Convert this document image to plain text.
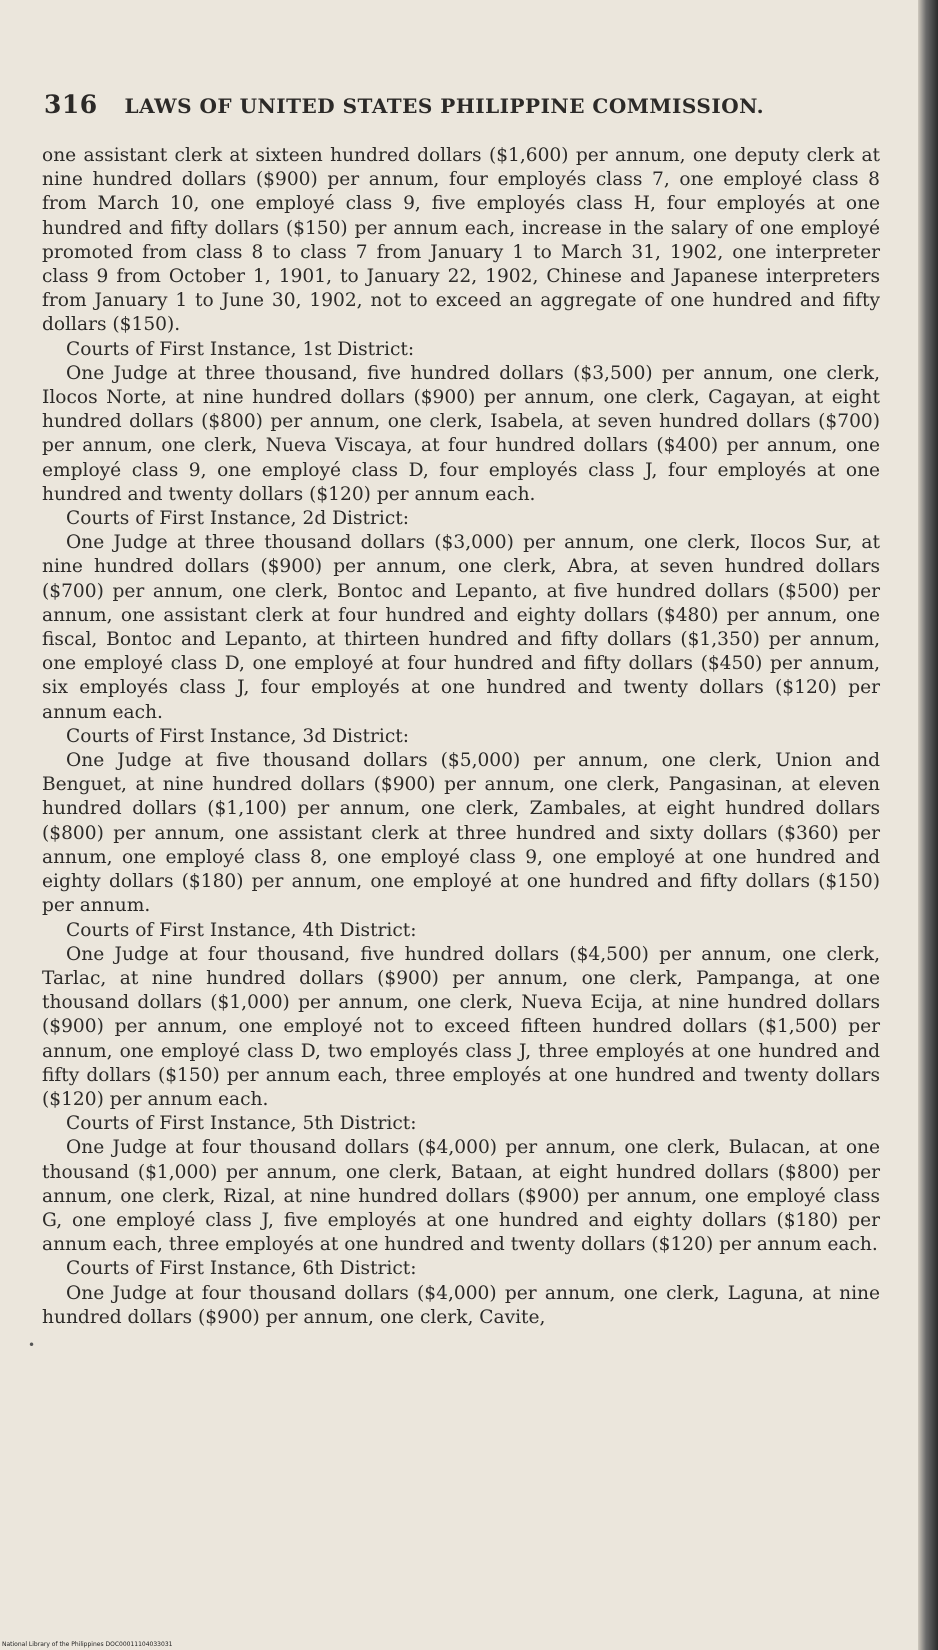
316 LAWS OF UNITED STATES PHILIPPINE COMMISSION.

one assistant clerk at sixteen hundred dollars ($1,600) per annum, one deputy clerk at nine hundred dollars ($900) per annum, four employés class 7, one employé class 8 from March 10, one employé class 9, five employés class H, four employés at one hundred and fifty dollars ($150) per annum each, increase in the salary of one employé promoted from class 8 to class 7 from January 1 to March 31, 1902, one interpreter class 9 from October 1, 1901, to January 22, 1902, Chinese and Japanese interpreters from January 1 to June 30, 1902, not to exceed an aggregate of one hundred and fifty dollars ($150).

Courts of First Instance, 1st District:

One Judge at three thousand, five hundred dollars ($3,500) per annum, one clerk, Ilocos Norte, at nine hundred dollars ($900) per annum, one clerk, Cagayan, at eight hundred dollars ($800) per annum, one clerk, Isabela, at seven hundred dollars ($700) per annum, one clerk, Nueva Viscaya, at four hundred dollars ($400) per annum, one employé class 9, one employé class D, four employés class J, four employés at one hundred and twenty dollars ($120) per annum each.

Courts of First Instance, 2d District:

One Judge at three thousand dollars ($3,000) per annum, one clerk, Ilocos Sur, at nine hundred dollars ($900) per annum, one clerk, Abra, at seven hundred dollars ($700) per annum, one clerk, Bontoc and Lepanto, at five hundred dollars ($500) per annum, one assistant clerk at four hundred and eighty dollars ($480) per annum, one fiscal, Bontoc and Lepanto, at thirteen hundred and fifty dollars ($1,350) per annum, one employé class D, one employé at four hundred and fifty dollars ($450) per annum, six employés class J, four employés at one hundred and twenty dollars ($120) per annum each.

Courts of First Instance, 3d District:

One Judge at five thousand dollars ($5,000) per annum, one clerk, Union and Benguet, at nine hundred dollars ($900) per annum, one clerk, Pangasinan, at eleven hundred dollars ($1,100) per annum, one clerk, Zambales, at eight hundred dollars ($800) per annum, one assistant clerk at three hundred and sixty dollars ($360) per annum, one employé class 8, one employé class 9, one employé at one hundred and eighty dollars ($180) per annum, one employé at one hundred and fifty dollars ($150) per annum.

Courts of First Instance, 4th District:

One Judge at four thousand, five hundred dollars ($4,500) per annum, one clerk, Tarlac, at nine hundred dollars ($900) per annum, one clerk, Pampanga, at one thousand dollars ($1,000) per annum, one clerk, Nueva Ecija, at nine hundred dollars ($900) per annum, one employé not to exceed fifteen hundred dollars ($1,500) per annum, one employé class D, two employés class J, three employés at one hundred and fifty dollars ($150) per annum each, three employés at one hundred and twenty dollars ($120) per annum each.

Courts of First Instance, 5th District:

One Judge at four thousand dollars ($4,000) per annum, one clerk, Bulacan, at one thousand ($1,000) per annum, one clerk, Bataan, at eight hundred dollars ($800) per annum, one clerk, Rizal, at nine hundred dollars ($900) per annum, one employé class G, one employé class J, five employés at one hundred and eighty dollars ($180) per annum each, three employés at one hundred and twenty dollars ($120) per annum each.

Courts of First Instance, 6th District:

One Judge at four thousand dollars ($4,000) per annum, one clerk, Laguna, at nine hundred dollars ($900) per annum, one clerk, Cavite,

•
National Library of the Philippines DOC00011104033031
